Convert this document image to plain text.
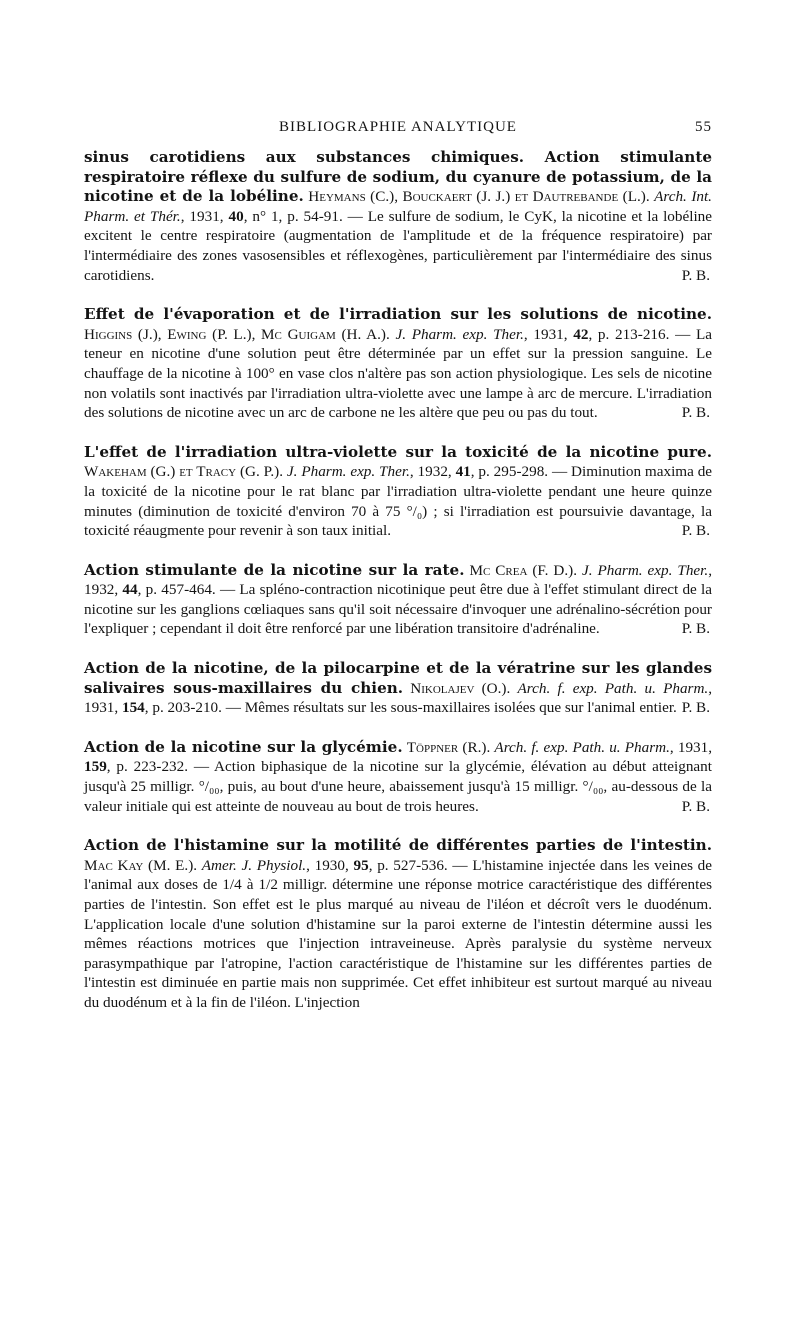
BIBLIOGRAPHIE ANALYTIQUE	55

sinus carotidiens aux substances chimiques. Action stimulante respiratoire réflexe du sulfure de sodium, du cyanure de potassium, de la nicotine et de la lobéline. Heymans (C.), Bouckaert (J. J.) et Dautrebande (L.). Arch. Int. Pharm. et Thér., 1931, 40, n° 1, p. 54-91. — Le sulfure de sodium, le CyK, la nicotine et la lobéline excitent le centre respiratoire (augmentation de l'amplitude et de la fréquence respiratoire) par l'intermédiaire des zones vasosensibles et réflexogènes, particulièrement par l'intermédiaire des sinus carotidiens.	P. B.

Effet de l'évaporation et de l'irradiation sur les solutions de nicotine. Higgins (J.), Ewing (P. L.), Mc Guigam (H. A.). J. Pharm. exp. Ther., 1931, 42, p. 213-216. — La teneur en nicotine d'une solution peut être déterminée par un effet sur la pression sanguine. Le chauffage de la nicotine à 100° en vase clos n'altère pas son action physiologique. Les sels de nicotine non volatils sont inactivés par l'irradiation ultra-violette avec une lampe à arc de mercure. L'irradiation des solutions de nicotine avec un arc de carbone ne les altère que peu ou pas du tout.	P. B.

L'effet de l'irradiation ultra-violette sur la toxicité de la nicotine pure. Wakeham (G.) et Tracy (G. P.). J. Pharm. exp. Ther., 1932, 41, p. 295-298. — Diminution maxima de la toxicité de la nicotine pour le rat blanc par l'irradiation ultra-violette pendant une heure quinze minutes (diminution de toxicité d'environ 70 à 75 °/₀) ; si l'irradiation est poursuivie davantage, la toxicité réaugmente pour revenir à son taux initial.	P. B.

Action stimulante de la nicotine sur la rate. Mc Crea (F. D.). J. Pharm. exp. Ther., 1932, 44, p. 457-464. — La spléno-contraction nicotinique peut être due à l'effet stimulant direct de la nicotine sur les ganglions cœliaques sans qu'il soit nécessaire d'invoquer une adrénalino-sécrétion pour l'expliquer ; cependant il doit être renforcé par une libération transitoire d'adrénaline.	P. B.

Action de la nicotine, de la pilocarpine et de la vératrine sur les glandes salivaires sous-maxillaires du chien. Nikolajev (O.). Arch. f. exp. Path. u. Pharm., 1931, 154, p. 203-210. — Mêmes résultats sur les sous-maxillaires isolées que sur l'animal entier. P. B.

Action de la nicotine sur la glycémie. Töppner (R.). Arch. f. exp. Path. u. Pharm., 1931, 159, p. 223-232. — Action biphasique de la nicotine sur la glycémie, élévation au début atteignant jusqu'à 25 milligr. °/₀₀, puis, au bout d'une heure, abaissement jusqu'à 15 milligr. °/₀₀, au-dessous de la valeur initiale qui est atteinte de nouveau au bout de trois heures.	P. B.

Action de l'histamine sur la motilité de différentes parties de l'intestin. Mac Kay (M. E.). Amer. J. Physiol., 1930, 95, p. 527-536. — L'histamine injectée dans les veines de l'animal aux doses de 1/4 à 1/2 milligr. détermine une réponse motrice caractéristique des différentes parties de l'intestin. Son effet est le plus marqué au niveau de l'iléon et décroît vers le duodénum. L'application locale d'une solution d'histamine sur la paroi externe de l'intestin détermine aussi les mêmes réactions motrices que l'injection intraveineuse. Après paralysie du système nerveux parasympathique par l'atropine, l'action caractéristique de l'histamine sur les différentes parties de l'intestin est diminuée en partie mais non supprimée. Cet effet inhibiteur est surtout marqué au niveau du duodénum et à la fin de l'iléon. L'injection
